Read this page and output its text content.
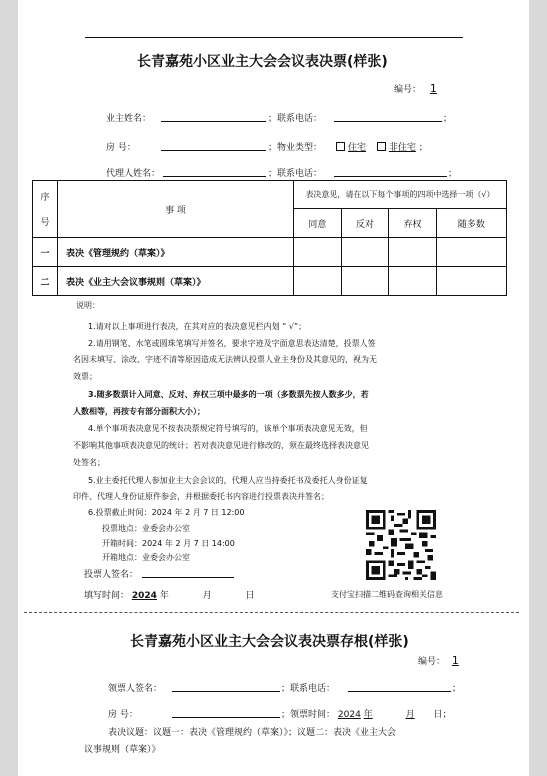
长青嘉苑小区业主大会会议表决票(样张)
编号： 1
业主姓名：	；联系电话：	；
房 号：	；物业类型：	住宅	非住宅 ；
代理人姓名：	；联系电话：	；
序
号	事 项	表决意见，请在以下每个事项的四项中选择一项（√）			
		同意	反对	弃权	随多数
一	表决《管理规约（草案）》				
二	表决《业主大会议事规则（草案）》				
说明：
1.请对以上事项进行表决，在其对应的表决意见栏内划 “ √”；
2.请用钢笔、水笔或圆珠笔填写并签名，要求字迹及字面意思表达清楚，投票人签
名因未填写、涂改、字迹不清等原因造成无法辨认投票人业主身份及其意见的，视为无
效票；
3.随多数票计入同意、反对、弃权三项中最多的一项（多数票先按人数多少，若
人数相等，再按专有部分面积大小）；
4.单个事项表决意见不按表决票规定符号填写的，该单个事项表决意见无效，但
不影响其他事项表决意见的统计；若对表决意见进行修改的，须在最终选择表决意见
处签名；
5.业主委托代理人参加业主大会会议的，代理人应当持委托书及委托人身份证复
印件、代理人身份证原件参会，并根据委托书内容进行投票表决并签名；
6.投票截止时间：2024 年 2 月 7 日 12:00
投票地点：业委会办公室
开箱时间：2024 年 2 月 7 日 14:00
开箱地点：业委会办公室
投票人签名：
填写时间： 2024 年	月	日	支付宝扫描二维码查询相关信息
长青嘉苑小区业主大会会议表决票存根(样张)
编号： 1
领票人签名：	；联系电话：	；
房 号：	；领票时间： 2024 年	月 日；
表决议题：议题一：表决《管理规约（草案）》；议题二：表决《业主大会
议事规则（草案）》
